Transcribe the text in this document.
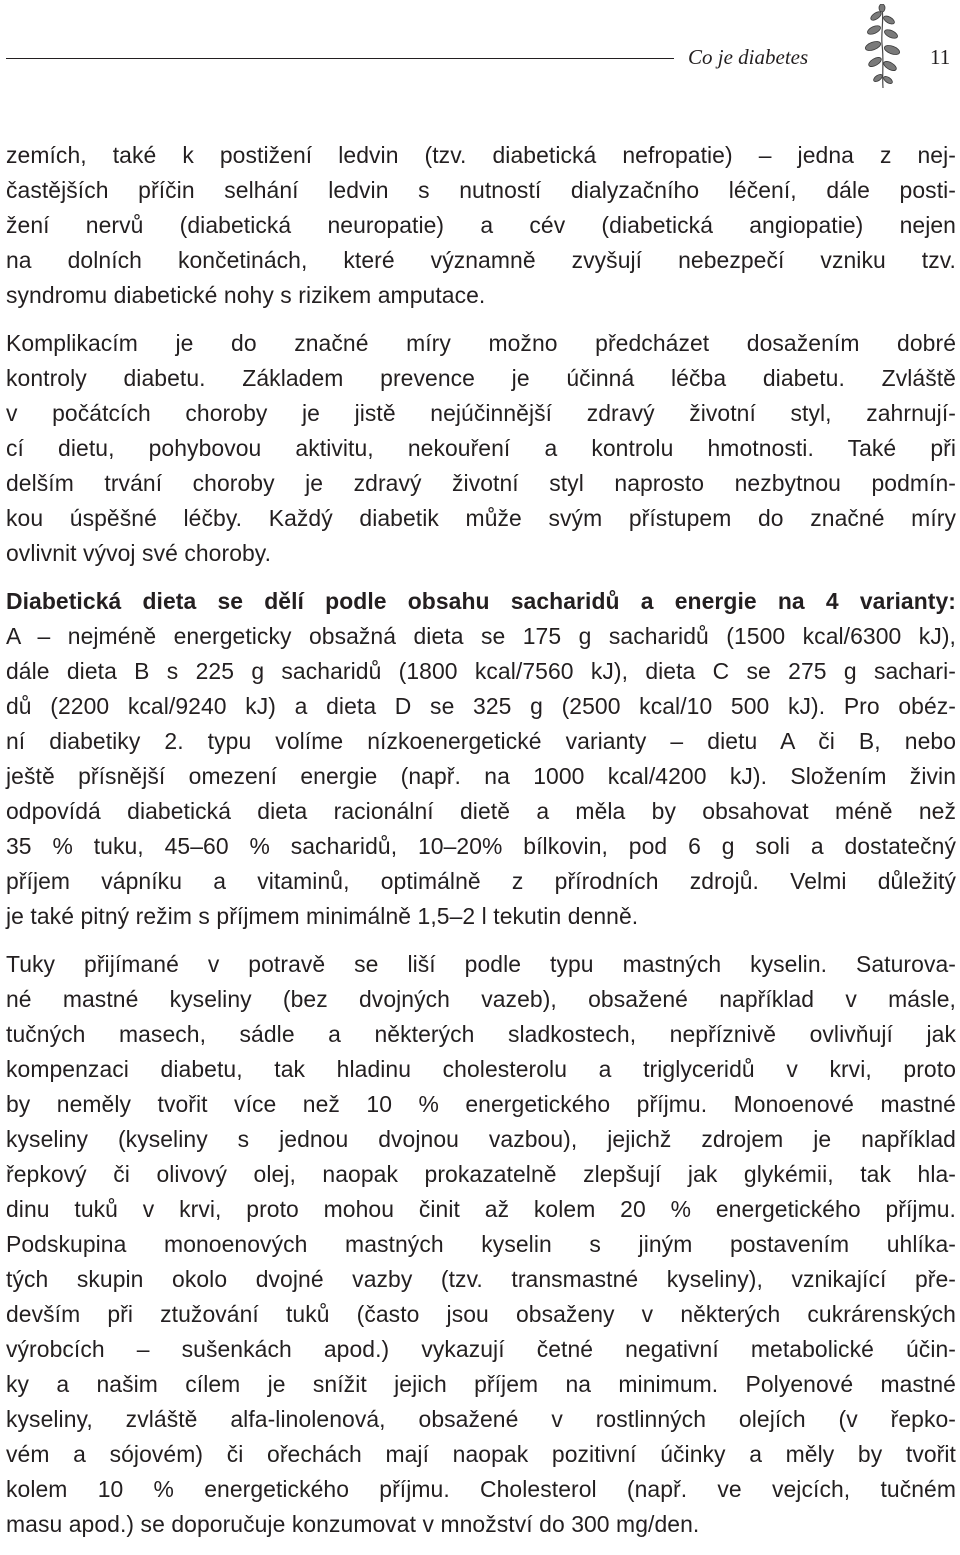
Co je diabetes	11

zemích, také k postižení ledvin (tzv. diabetická nefropatie) – jedna z nej-
častějších příčin selhání ledvin s nutností dialyzačního léčení, dále posti-
žení nervů (diabetická neuropatie) a cév (diabetická angiopatie) nejen
na dolních končetinách, které významně zvyšují nebezpečí vzniku tzv.
syndromu diabetické nohy s rizikem amputace.

Komplikacím je do značné míry možno předcházet dosažením dobré
kontroly diabetu. Základem prevence je účinná léčba diabetu. Zvláště
v počátcích choroby je jistě nejúčinnější zdravý životní styl, zahrnují-
cí dietu, pohybovou aktivitu, nekouření a kontrolu hmotnosti. Také při
delším trvání choroby je zdravý životní styl naprosto nezbytnou podmín-
kou úspěšné léčby. Každý diabetik může svým přístupem do značné míry
ovlivnit vývoj své choroby.

Diabetická dieta se dělí podle obsahu sacharidů a energie na 4 varianty:
A – nejméně energeticky obsažná dieta se 175 g sacharidů (1500 kcal/6300 kJ),
dále dieta B s 225 g sacharidů (1800 kcal/7560 kJ), dieta C se 275 g sachari-
dů (2200 kcal/9240 kJ) a dieta D se 325 g (2500 kcal/10 500 kJ). Pro obéz-
ní diabetiky 2. typu volíme nízkoenergetické varianty – dietu A či B, nebo
ještě přísnější omezení energie (např. na 1000 kcal/4200 kJ). Složením živin
odpovídá diabetická dieta racionální dietě a měla by obsahovat méně než
35 % tuku, 45–60 % sacharidů, 10–20% bílkovin, pod 6 g soli a dostatečný
příjem vápníku a vitaminů, optimálně z přírodních zdrojů. Velmi důležitý
je také pitný režim s příjmem minimálně 1,5–2 l tekutin denně.

Tuky přijímané v potravě se liší podle typu mastných kyselin. Saturova-
né mastné kyseliny (bez dvojných vazeb), obsažené například v másle,
tučných masech, sádle a některých sladkostech, nepříznivě ovlivňují jak
kompenzaci diabetu, tak hladinu cholesterolu a triglyceridů v krvi, proto
by neměly tvořit více než 10 % energetického příjmu. Monoenové mastné
kyseliny (kyseliny s jednou dvojnou vazbou), jejichž zdrojem je například
řepkový či olivový olej, naopak prokazatelně zlepšují jak glykémii, tak hla-
dinu tuků v krvi, proto mohou činit až kolem 20 % energetického příjmu.
Podskupina monoenových mastných kyselin s jiným postavením uhlíka-
tých skupin okolo dvojné vazby (tzv. transmastné kyseliny), vznikající pře-
devším při ztužování tuků (často jsou obsaženy v některých cukrárenských
výrobcích – sušenkách apod.) vykazují četné negativní metabolické účin-
ky a našim cílem je snížit jejich příjem na minimum. Polyenové mastné
kyseliny, zvláště alfa-linolenová, obsažené v rostlinných olejích (v řepko-
vém a sójovém) či ořechách mají naopak pozitivní účinky a měly by tvořit
kolem 10 % energetického příjmu. Cholesterol (např. ve vejcích, tučném
masu apod.) se doporučuje konzumovat v množství do 300 mg/den.
